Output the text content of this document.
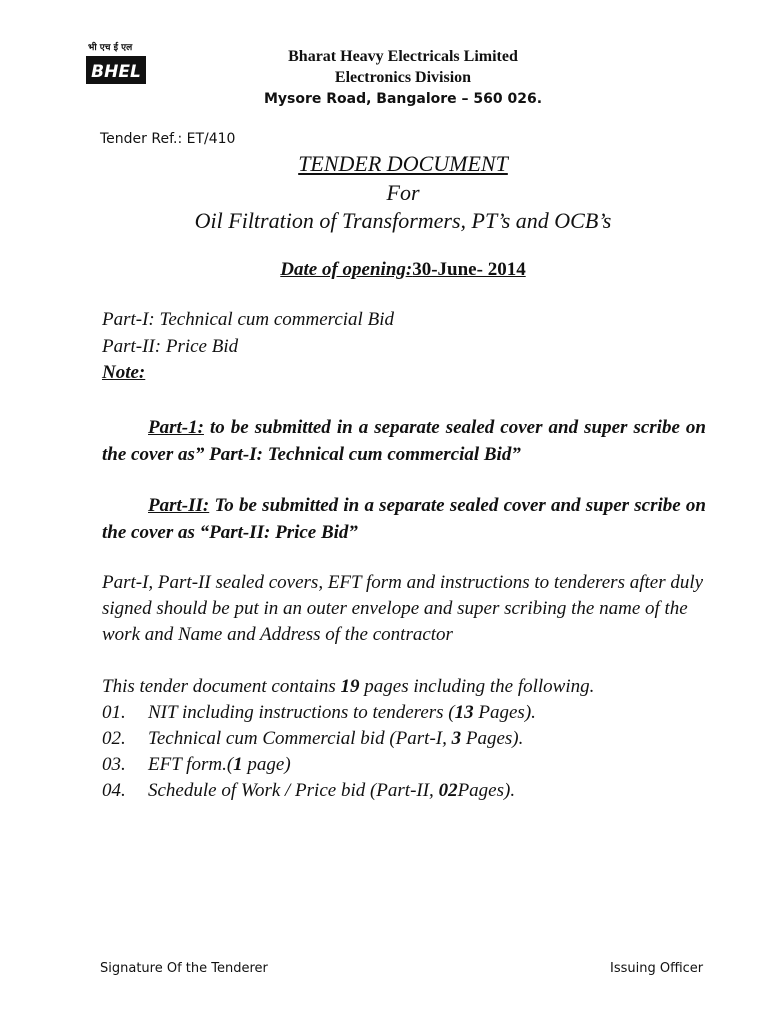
भी एच ई एल
BHEL
Bharat Heavy Electricals Limited
Electronics Division
Mysore Road, Bangalore – 560 026.
Tender Ref.: ET/410
TENDER DOCUMENT
For
Oil Filtration of Transformers, PT’s and OCB’s
Date of opening:30-June- 2014
Part-I: Technical cum commercial Bid
Part-II: Price Bid
Note:
Part-1: to be submitted in a separate sealed cover and super scribe on the cover as” Part-I: Technical cum commercial Bid”
Part-II: To be submitted in a separate sealed cover and super scribe on the cover as “Part-II: Price Bid”
Part-I, Part-II sealed covers, EFT form and instructions to tenderers after duly signed should be put in an outer envelope and super scribing the name of the work and Name and Address of the contractor
This tender document contains 19 pages including the following.
01. NIT including instructions to tenderers (13 Pages).
02. Technical cum Commercial bid (Part-I, 3 Pages).
03. EFT form.(1 page)
04. Schedule of Work / Price bid (Part-II, 02Pages).
Signature Of the Tenderer	Issuing Officer
